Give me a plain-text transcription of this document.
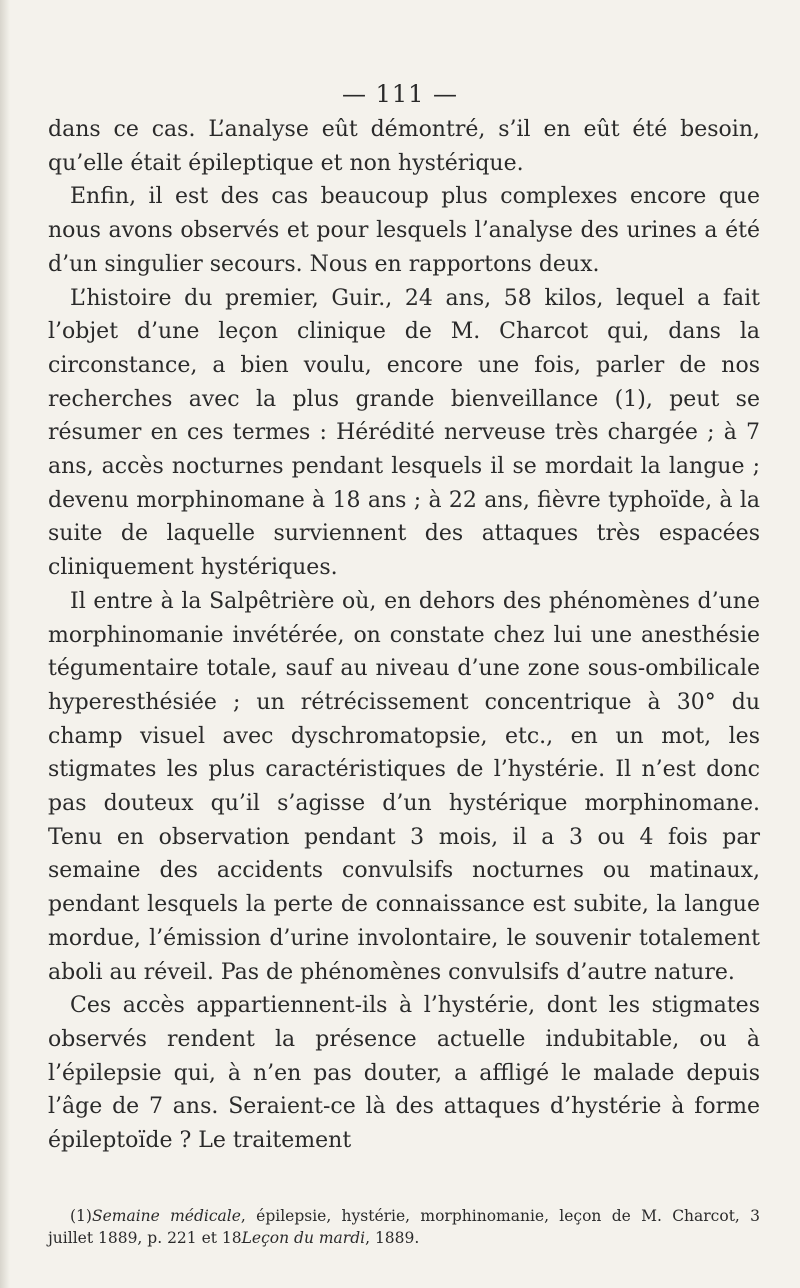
— 111 —

dans ce cas. L’analyse eût démontré, s’il en eût été besoin, qu’elle était épileptique et non hystérique.

Enfin, il est des cas beaucoup plus complexes encore que nous avons observés et pour lesquels l’analyse des urines a été d’un singulier secours. Nous en rapportons deux.

L’histoire du premier, Guir., 24 ans, 58 kilos, lequel a fait l’objet d’une leçon clinique de M. Charcot qui, dans la circonstance, a bien voulu, encore une fois, parler de nos recherches avec la plus grande bienveillance (1), peut se résumer en ces termes : Hérédité nerveuse très chargée ; à 7 ans, accès nocturnes pendant lesquels il se mordait la langue ; devenu morphinomane à 18 ans ; à 22 ans, fièvre typhoïde, à la suite de laquelle surviennent des attaques très espacées cliniquement hystériques.

Il entre à la Salpêtrière où, en dehors des phénomènes d’une morphinomanie invétérée, on constate chez lui une anesthésie tégumentaire totale, sauf au niveau d’une zone sous-ombilicale hyperesthésiée ; un rétrécissement concentrique à 30° du champ visuel avec dyschromatopsie, etc., en un mot, les stigmates les plus caractéristiques de l’hystérie. Il n’est donc pas douteux qu’il s’agisse d’un hystérique morphinomane. Tenu en observation pendant 3 mois, il a 3 ou 4 fois par semaine des accidents convulsifs nocturnes ou matinaux, pendant lesquels la perte de connaissance est subite, la langue mordue, l’émission d’urine involontaire, le souvenir totalement aboli au réveil. Pas de phénomènes convulsifs d’autre nature.

Ces accès appartiennent-ils à l’hystérie, dont les stigmates observés rendent la présence actuelle indubitable, ou à l’épilepsie qui, à n’en pas douter, a affligé le malade depuis l’âge de 7 ans. Seraient-ce là des attaques d’hystérie à forme épileptoïde ? Le traitement

(1)Semaine médicale, épilepsie, hystérie, morphinomanie, leçon de M. Charcot, 3 juillet 1889, p. 221 et 18Leçon du mardi, 1889.
